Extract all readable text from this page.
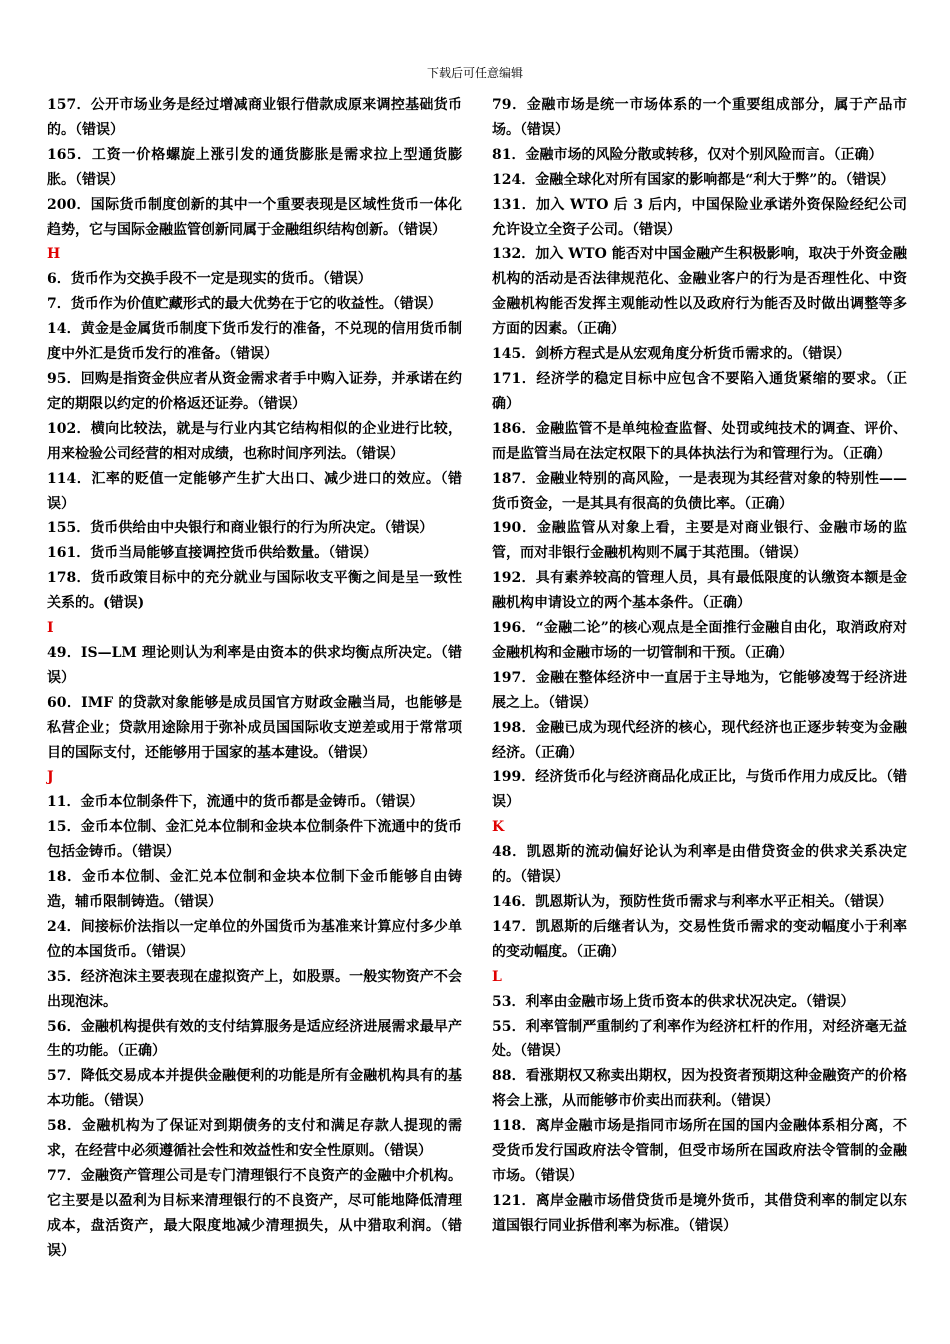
下载后可任意编辑

157．公开市场业务是经过增减商业银行借款成原来调控基础货币的。（错误）

165．工资一价格螺旋上涨引发的通货膨胀是需求拉上型通货膨胀。（错误）

200．国际货币制度创新的其中一个重要表现是区域性货币一体化趋势，它与国际金融监管创新同属于金融组织结构创新。（错误）

H

6．货币作为交换手段不一定是现实的货币。（错误）

7．货币作为价值贮藏形式的最大优势在于它的收益性。（错误）

14．黄金是金属货币制度下货币发行的准备，不兑现的信用货币制度中外汇是货币发行的准备。（错误）

95．回购是指资金供应者从资金需求者手中购入证券，并承诺在约定的期限以约定的价格返还证券。（错误）

102．横向比较法，就是与行业内其它结构相似的企业进行比较，用来检验公司经营的相对成绩，也称时间序列法。（错误）

114．汇率的贬值一定能够产生扩大出口、减少进口的效应。（错误）

155．货币供给由中央银行和商业银行的行为所决定。（错误）

161．货币当局能够直接调控货币供给数量。（错误）

178．货币政策目标中的充分就业与国际收支平衡之间是呈一致性关系的。(错误)

I

49．IS—LM 理论则认为利率是由资本的供求均衡点所决定。（错误）

60．IMF 的贷款对象能够是成员国官方财政金融当局，也能够是私营企业；贷款用途除用于弥补成员国国际收支逆差或用于常常项目的国际支付，还能够用于国家的基本建设。（错误）

J

11．金币本位制条件下，流通中的货币都是金铸币。（错误）

15．金币本位制、金汇兑本位制和金块本位制条件下流通中的货币包括金铸币。（错误）

18．金币本位制、金汇兑本位制和金块本位制下金币能够自由铸造，辅币限制铸造。（错误）

24．间接标价法指以一定单位的外国货币为基准来计算应付多少单位的本国货币。（错误）

35．经济泡沫主要表现在虚拟资产上，如股票。一般实物资产不会出现泡沫。

56．金融机构提供有效的支付结算服务是适应经济进展需求最早产生的功能。（正确）

57．降低交易成本并提供金融便利的功能是所有金融机构具有的基本功能。（错误）

58．金融机构为了保证对到期债务的支付和满足存款人提现的需求，在经营中必须遵循社会性和效益性和安全性原则。（错误）

77．金融资产管理公司是专门清理银行不良资产的金融中介机构。它主要是以盈利为目标来清理银行的不良资产，尽可能地降低清理成本，盘活资产，最大限度地减少清理损失，从中猎取利润。（错误）

79．金融市场是统一市场体系的一个重要组成部分，属于产品市场。（错误）

81．金融市场的风险分散或转移，仅对个别风险而言。（正确）

124．金融全球化对所有国家的影响都是“利大于弊”的。（错误）

131．加入 WTO 后 3 后内，中国保险业承诺外资保险经纪公司允许设立全资子公司。（错误）

132．加入 WTO 能否对中国金融产生积极影响，取决于外资金融机构的活动是否法律规范化、金融业客户的行为是否理性化、中资金融机构能否发挥主观能动性以及政府行为能否及时做出调整等多方面的因素。（正确）

145．剑桥方程式是从宏观角度分析货币需求的。（错误）

171．经济学的稳定目标中应包含不要陷入通货紧缩的要求。（正确）

186．金融监管不是单纯检查监督、处罚或纯技术的调查、评价、而是监管当局在法定权限下的具体执法行为和管理行为。（正确）

187．金融业特别的高风险，一是表现为其经营对象的特别性——货币资金，一是其具有很高的负债比率。（正确）

190．金融监管从对象上看，主要是对商业银行、金融市场的监管，而对非银行金融机构则不属于其范围。（错误）

192．具有素养较高的管理人员，具有最低限度的认缴资本额是金融机构申请设立的两个基本条件。（正确）

196．“金融二论”的核心观点是全面推行金融自由化，取消政府对金融机构和金融市场的一切管制和干预。（正确）

197．金融在整体经济中一直居于主导地为，它能够凌驾于经济进展之上。（错误）

198．金融已成为现代经济的核心，现代经济也正逐步转变为金融经济。（正确）

199．经济货币化与经济商品化成正比，与货币作用力成反比。（错误）

K

48．凯恩斯的流动偏好论认为利率是由借贷资金的供求关系决定的。（错误）

146．凯恩斯认为，预防性货币需求与利率水平正相关。（错误）

147．凯恩斯的后继者认为，交易性货币需求的变动幅度小于利率的变动幅度。（正确）

L

53．利率由金融市场上货币资本的供求状况决定。（错误）

55．利率管制严重制约了利率作为经济杠杆的作用，对经济毫无益处。（错误）

88．看涨期权又称卖出期权，因为投资者预期这种金融资产的价格将会上涨，从而能够市价卖出而获利。（错误）

118．离岸金融市场是指同市场所在国的国内金融体系相分离，不受货币发行国政府法令管制，但受市场所在国政府法令管制的金融市场。（错误）

121．离岸金融市场借贷货币是境外货币，其借贷利率的制定以东道国银行同业拆借利率为标准。（错误）
